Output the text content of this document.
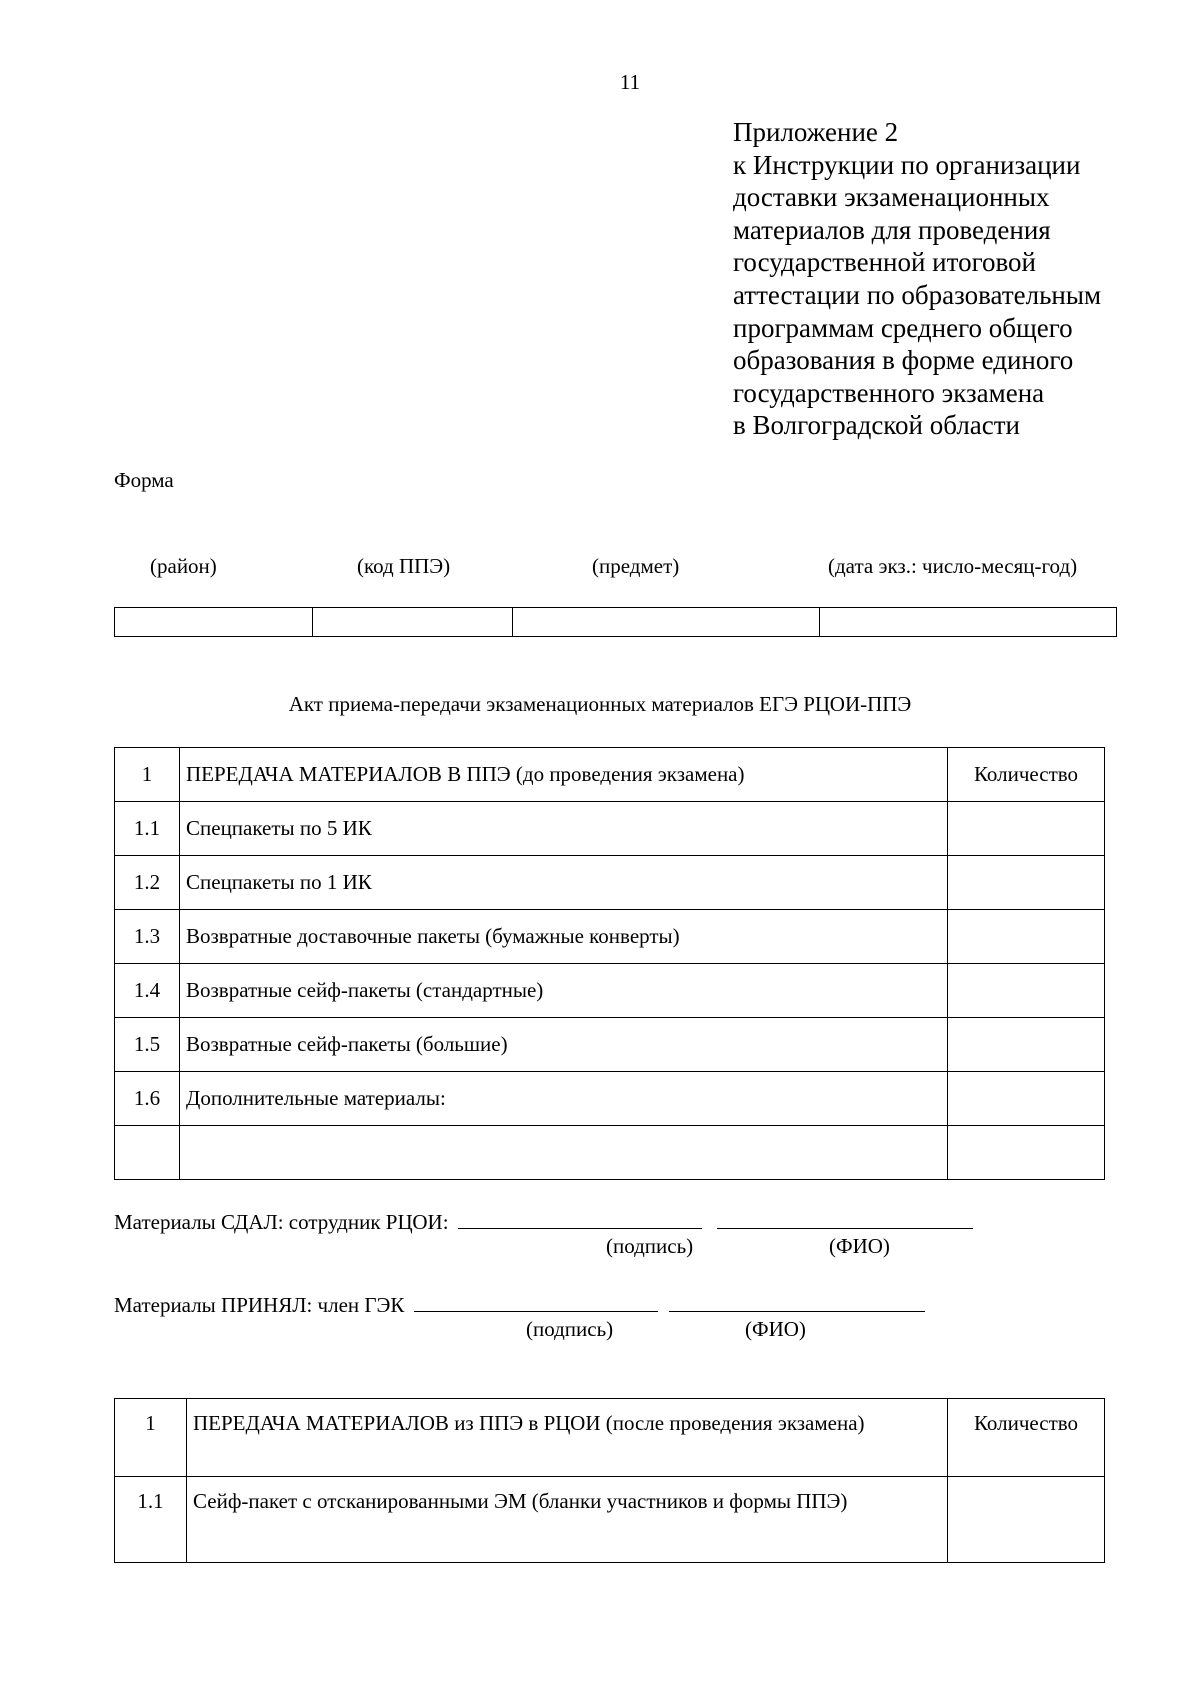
11
Приложение 2
к Инструкции по организации
доставки экзаменационных
материалов для проведения
государственной итоговой
аттестации по образовательным
программам среднего общего
образования в форме единого
государственного экзамена
в Волгоградской области
Форма
(район)	(код ППЭ)	(предмет)	(дата экз.: число-месяц-год)

Акт приема-передачи экзаменационных материалов ЕГЭ РЦОИ-ППЭ
1	ПЕРЕДАЧА МАТЕРИАЛОВ В ППЭ (до проведения экзамена)	Количество
1.1	Спецпакеты по 5 ИК	
1.2	Спецпакеты по 1 ИК	
1.3	Возвратные доставочные пакеты (бумажные конверты)	
1.4	Возвратные сейф-пакеты (стандартные)	
1.5	Возвратные сейф-пакеты (большие)	
1.6	Дополнительные материалы:	

Материалы СДАЛ: сотрудник РЦОИ:
(подпись)	(ФИО)
Материалы ПРИНЯЛ: член ГЭК
(подпись)	(ФИО)
1	ПЕРЕДАЧА МАТЕРИАЛОВ из ППЭ в РЦОИ (после проведения экзамена)	Количество
1.1	Сейф-пакет с отсканированными ЭМ (бланки участников и формы ППЭ)	
